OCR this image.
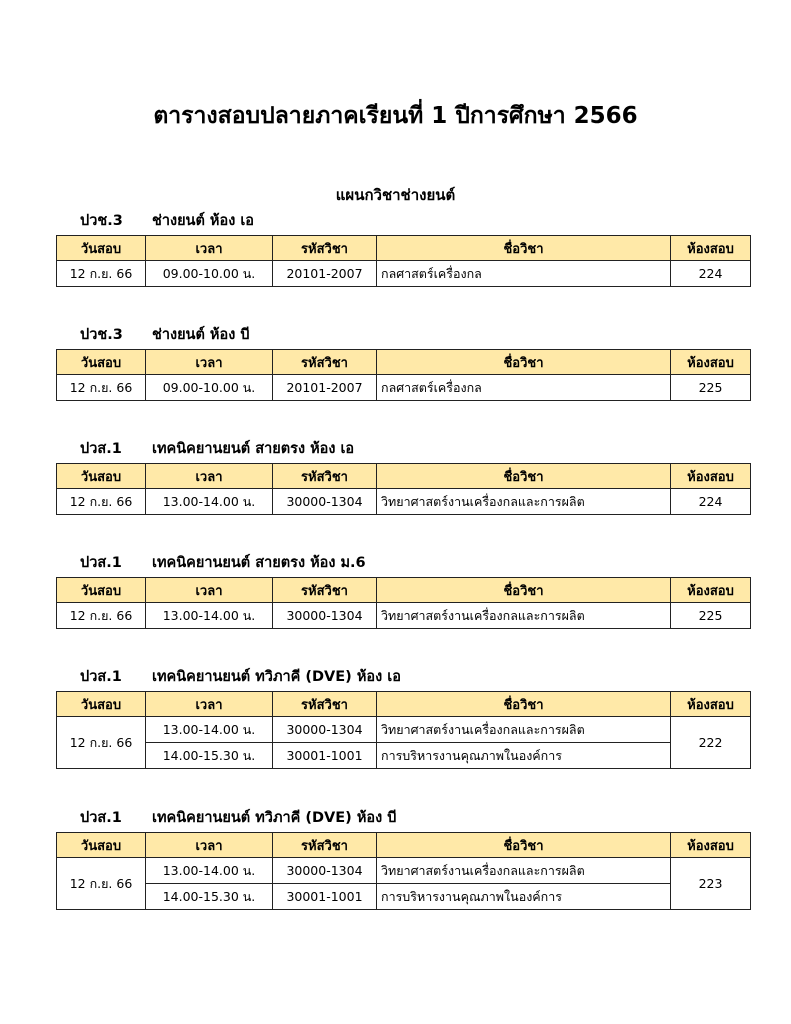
ตารางสอบปลายภาคเรียนที่ 1 ปีการศึกษา 2566
แผนกวิชาช่างยนต์
ปวช.3 ช่างยนต์ ห้อง เอ
วันสอบ	เวลา	รหัสวิชา	ชื่อวิชา	ห้องสอบ
12 ก.ย. 66	09.00-10.00 น.	20101-2007	กลศาสตร์เครื่องกล	224
ปวช.3 ช่างยนต์ ห้อง บี
วันสอบ	เวลา	รหัสวิชา	ชื่อวิชา	ห้องสอบ
12 ก.ย. 66	09.00-10.00 น.	20101-2007	กลศาสตร์เครื่องกล	225
ปวส.1 เทคนิคยานยนต์ สายตรง ห้อง เอ
วันสอบ	เวลา	รหัสวิชา	ชื่อวิชา	ห้องสอบ
12 ก.ย. 66	13.00-14.00 น.	30000-1304	วิทยาศาสตร์งานเครื่องกลและการผลิต	224
ปวส.1 เทคนิคยานยนต์ สายตรง ห้อง ม.6
วันสอบ	เวลา	รหัสวิชา	ชื่อวิชา	ห้องสอบ
12 ก.ย. 66	13.00-14.00 น.	30000-1304	วิทยาศาสตร์งานเครื่องกลและการผลิต	225
ปวส.1 เทคนิคยานยนต์ ทวิภาคี (DVE) ห้อง เอ
วันสอบ	เวลา	รหัสวิชา	ชื่อวิชา	ห้องสอบ
12 ก.ย. 66	13.00-14.00 น.	30000-1304	วิทยาศาสตร์งานเครื่องกลและการผลิต	222
	14.00-15.30 น.	30001-1001	การบริหารงานคุณภาพในองค์การ	
ปวส.1 เทคนิคยานยนต์ ทวิภาคี (DVE) ห้อง บี
วันสอบ	เวลา	รหัสวิชา	ชื่อวิชา	ห้องสอบ
12 ก.ย. 66	13.00-14.00 น.	30000-1304	วิทยาศาสตร์งานเครื่องกลและการผลิต	223
	14.00-15.30 น.	30001-1001	การบริหารงานคุณภาพในองค์การ	
